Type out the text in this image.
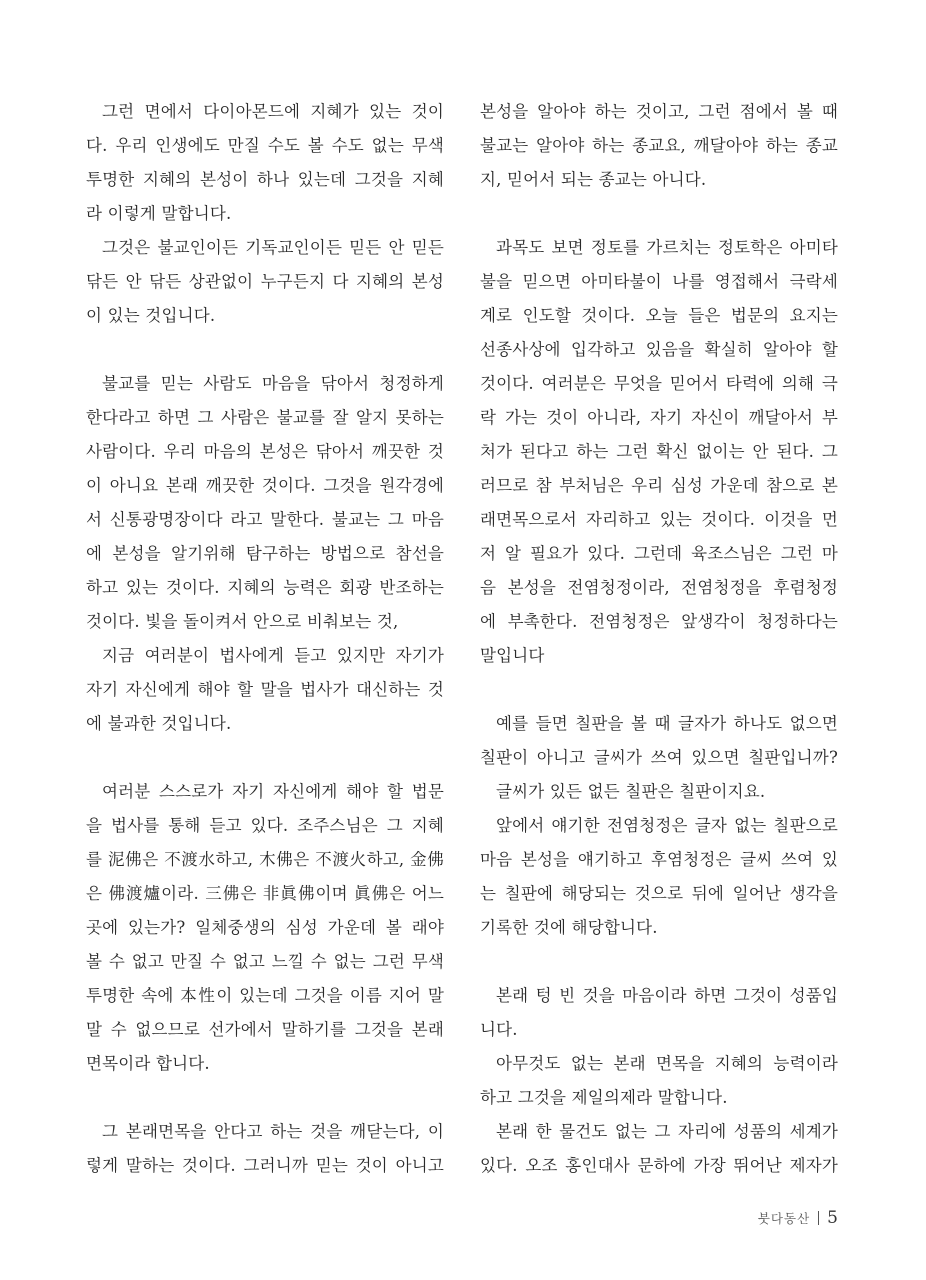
그런 면에서 다이아몬드에 지혜가 있는 것이
다. 우리 인생에도 만질 수도 볼 수도 없는 무색
투명한 지혜의 본성이 하나 있는데 그것을 지혜
라 이렇게 말합니다.
그것은 불교인이든 기독교인이든 믿든 안 믿든
닦든 안 닦든 상관없이 누구든지 다 지혜의 본성
이 있는 것입니다.
불교를 믿는 사람도 마음을 닦아서 청정하게
한다라고 하면 그 사람은 불교를 잘 알지 못하는
사람이다. 우리 마음의 본성은 닦아서 깨끗한 것
이 아니요 본래 깨끗한 것이다. 그것을 원각경에
서 신통광명장이다 라고 말한다. 불교는 그 마음
에 본성을 알기위해 탐구하는 방법으로 참선을
하고 있는 것이다. 지혜의 능력은 회광 반조하는
것이다. 빛을 돌이켜서 안으로 비춰보는 것,
지금 여러분이 법사에게 듣고 있지만 자기가
자기 자신에게 해야 할 말을 법사가 대신하는 것
에 불과한 것입니다.
여러분 스스로가 자기 자신에게 해야 할 법문
을 법사를 통해 듣고 있다. 조주스님은 그 지혜
를 泥佛은 不渡水하고, 木佛은 不渡火하고, 金佛
은 佛渡爐이라. 三佛은 非眞佛이며 眞佛은 어느
곳에 있는가? 일체중생의 심성 가운데 볼 래야
볼 수 없고 만질 수 없고 느낄 수 없는 그런 무색
투명한 속에 本性이 있는데 그것을 이름 지어 말
말 수 없으므로 선가에서 말하기를 그것을 본래
면목이라 합니다.
그 본래면목을 안다고 하는 것을 깨닫는다, 이
렇게 말하는 것이다. 그러니까 믿는 것이 아니고
본성을 알아야 하는 것이고, 그런 점에서 볼 때
불교는 알아야 하는 종교요, 깨달아야 하는 종교
지, 믿어서 되는 종교는 아니다.
과목도 보면 정토를 가르치는 정토학은 아미타
불을 믿으면 아미타불이 나를 영접해서 극락세
계로 인도할 것이다. 오늘 들은 법문의 요지는
선종사상에 입각하고 있음을 확실히 알아야 할
것이다. 여러분은 무엇을 믿어서 타력에 의해 극
락 가는 것이 아니라, 자기 자신이 깨달아서 부
처가 된다고 하는 그런 확신 없이는 안 된다. 그
러므로 참 부처님은 우리 심성 가운데 참으로 본
래면목으로서 자리하고 있는 것이다. 이것을 먼
저 알 필요가 있다. 그런데 육조스님은 그런 마
음 본성을 전염청정이라, 전염청정을 후렴청정
에 부촉한다. 전염청정은 앞생각이 청정하다는
말입니다
예를 들면 칠판을 볼 때 글자가 하나도 없으면
칠판이 아니고 글씨가 쓰여 있으면 칠판입니까?
글씨가 있든 없든 칠판은 칠판이지요.
앞에서 얘기한 전염청정은 글자 없는 칠판으로
마음 본성을 얘기하고 후염청정은 글씨 쓰여 있
는 칠판에 해당되는 것으로 뒤에 일어난 생각을
기록한 것에 해당합니다.
본래 텅 빈 것을 마음이라 하면 그것이 성품입
니다.
아무것도 없는 본래 면목을 지혜의 능력이라
하고 그것을 제일의제라 말합니다.
본래 한 물건도 없는 그 자리에 성품의 세계가
있다. 오조 홍인대사 문하에 가장 뛰어난 제자가
붓다동산 5
